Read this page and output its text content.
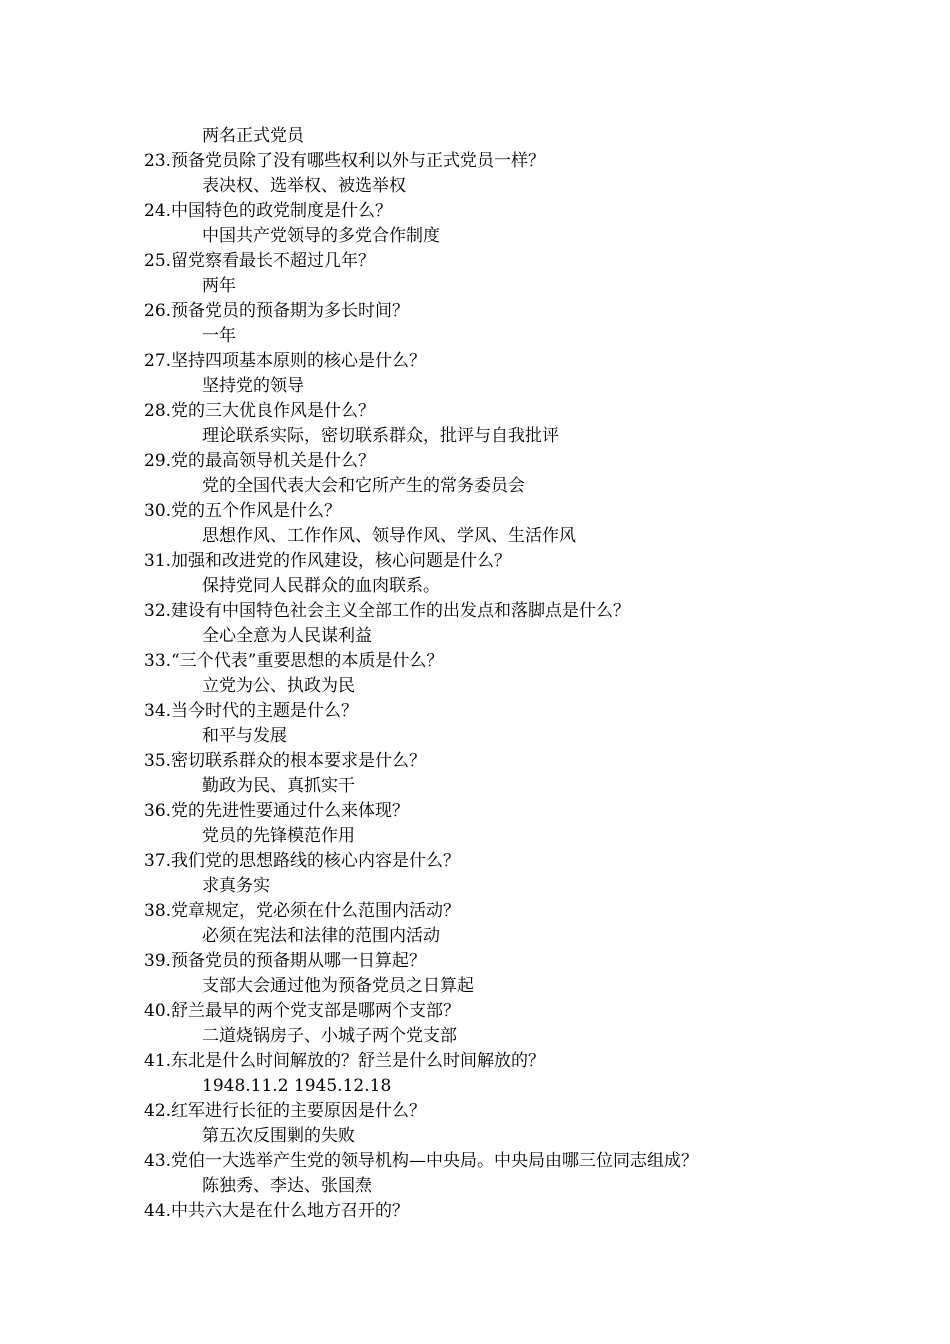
两名正式党员
23.预备党员除了没有哪些权利以外与正式党员一样？
表决权、选举权、被选举权
24.中国特色的政党制度是什么？
中国共产党领导的多党合作制度
25.留党察看最长不超过几年？
两年
26.预备党员的预备期为多长时间？
一年
27.坚持四项基本原则的核心是什么？
坚持党的领导
28.党的三大优良作风是什么？
理论联系实际，密切联系群众，批评与自我批评
29.党的最高领导机关是什么？
党的全国代表大会和它所产生的常务委员会
30.党的五个作风是什么？
思想作风、工作作风、领导作风、学风、生活作风
31.加强和改进党的作风建设，核心问题是什么？
保持党同人民群众的血肉联系。
32.建设有中国特色社会主义全部工作的出发点和落脚点是什么？
全心全意为人民谋利益
33.“三个代表”重要思想的本质是什么？
立党为公、执政为民
34.当今时代的主题是什么？
和平与发展
35.密切联系群众的根本要求是什么？
勤政为民、真抓实干
36.党的先进性要通过什么来体现？
党员的先锋模范作用
37.我们党的思想路线的核心内容是什么？
求真务实
38.党章规定，党必须在什么范围内活动？
必须在宪法和法律的范围内活动
39.预备党员的预备期从哪一日算起？
支部大会通过他为预备党员之日算起
40.舒兰最早的两个党支部是哪两个支部？
二道烧锅房子、小城子两个党支部
41.东北是什么时间解放的？舒兰是什么时间解放的？
1948.11.2 1945.12.18
42.红军进行长征的主要原因是什么？
第五次反围剿的失败
43.党伯一大选举产生党的领导机构—中央局。中央局由哪三位同志组成？
陈独秀、李达、张国焘
44.中共六大是在什么地方召开的？
